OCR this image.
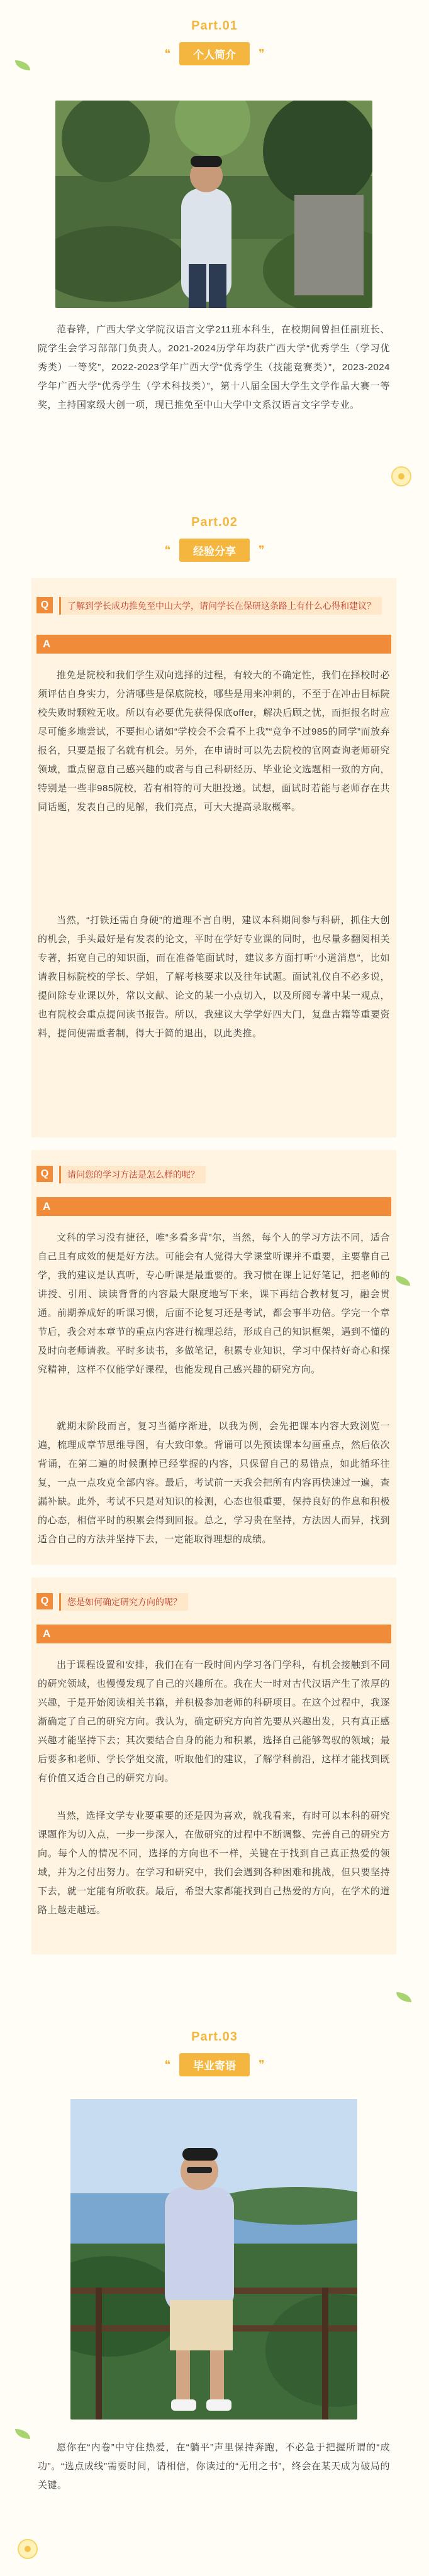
Part.01
❝	个人简介	❞

范春铧，广西大学文学院汉语言文学211班本科生，在校期间曾担任副班长、院学生会学习部部门负责人。2021-2024历学年均获广西大学“优秀学生（学习优秀类）一等奖”，2022-2023学年广西大学“优秀学生（技能竞赛类）”，2023-2024学年广西大学“优秀学生（学术科技类）”，第十八届全国大学生文学作品大赛一等奖，主持国家级大创一项，现已推免至中山大学中文系汉语言文字学专业。

Part.02
❝	经验分享	❞
Q	了解到学长成功推免至中山大学，请问学长在保研这条路上有什么心得和建议？
A

推免是院校和我们学生双向选择的过程，有较大的不确定性，我们在择校时必须评估自身实力，分清哪些是保底院校，哪些是用来冲刺的，不至于在冲击目标院校失败时颗粒无收。所以有必要优先获得保底offer，解决后顾之忧，而拒报名时应尽可能多地尝试，不要担心诸如“学校会不会看不上我”“竞争不过985的同学”而放弃报名，只要是报了名就有机会。另外，在申请时可以先去院校的官网查询老师研究领域，重点留意自己感兴趣的或者与自己科研经历、毕业论文选题相一致的方向，特别是一些非985院校，若有相符的可大胆投递。试想，面试时若能与老师存在共同话题，发表自己的见解，我们亮点，可大大提高录取概率。

当然，“打铁还需自身硬”的道理不言自明，建议本科期间参与科研，抓住大创的机会，手头最好是有发表的论文，平时在学好专业课的同时，也尽量多翻阅相关专著，拓宽自己的知识面，而在准备笔面试时，建议多方面打听“小道消息”，比如请教目标院校的学长、学姐，了解考核要求以及往年试题。面试礼仪自不必多说，提问除专业课以外，常以文献、论文的某一小点切入，以及所阅专著中某一观点，也有院校会重点提问读书报告。所以，我建议大学学好四大门，复盘古籍等重要资料，提问便需重者制，得大于简的退出，以此类推。

Q	请问您的学习方法是怎么样的呢？
A

文科的学习没有捷径，唯“多看多背”尔，当然，每个人的学习方法不同，适合自己且有成效的便是好方法。可能会有人觉得大学课堂听课并不重要，主要靠自己学，我的建议是认真听，专心听课是最重要的。我习惯在课上记好笔记，把老师的讲授、引用、读读背背的内容最大限度地写下来，课下再结合教材复习，融会贯通。前期养成好的听课习惯，后面不论复习还是考试，都会事半功倍。学完一个章节后，我会对本章节的重点内容进行梳理总结，形成自己的知识框架，遇到不懂的及时向老师请教。平时多读书，多做笔记，积累专业知识，学习中保持好奇心和探究精神，这样不仅能学好课程，也能发现自己感兴趣的研究方向。

就期末阶段而言，复习当循序渐进，以我为例，会先把课本内容大致浏览一遍，梳理成章节思维导图，有大致印象。背诵可以先预读课本勾画重点，然后依次背诵，在第二遍的时候删掉已经掌握的内容，只保留自己的易错点，如此循环往复，一点一点攻克全部内容。最后，考试前一天我会把所有内容再快速过一遍，查漏补缺。此外，考试不只是对知识的检测，心态也很重要，保持良好的作息和积极的心态，相信平时的积累会得到回报。总之，学习贵在坚持，方法因人而异，找到适合自己的方法并坚持下去，一定能取得理想的成绩。

Q	您是如何确定研究方向的呢？
A

出于课程设置和安排，我们在有一段时间内学习各门学科，有机会接触到不同的研究领域，也慢慢发现了自己的兴趣所在。我在大一时对古代汉语产生了浓厚的兴趣，于是开始阅读相关书籍，并积极参加老师的科研项目。在这个过程中，我逐渐确定了自己的研究方向。我认为，确定研究方向首先要从兴趣出发，只有真正感兴趣才能坚持下去；其次要结合自身的能力和积累，选择自己能够驾驭的领域；最后要多和老师、学长学姐交流，听取他们的建议，了解学科前沿，这样才能找到既有价值又适合自己的研究方向。

当然，选择文学专业要重要的还是因为喜欢，就我看来，有时可以本科的研究课题作为切入点，一步一步深入，在做研究的过程中不断调整、完善自己的研究方向。每个人的情况不同，选择的方向也不一样，关键在于找到自己真正热爱的领域，并为之付出努力。在学习和研究中，我们会遇到各种困难和挑战，但只要坚持下去，就一定能有所收获。最后，希望大家都能找到自己热爱的方向，在学术的道路上越走越远。

Part.03
❝	毕业寄语	❞

愿你在“内卷”中守住热爱，在“躺平”声里保持奔跑，不必急于把握所谓的“成功”。“选点成线”需要时间，请相信，你读过的“无用之书”，终会在某天成为破局的关键。
